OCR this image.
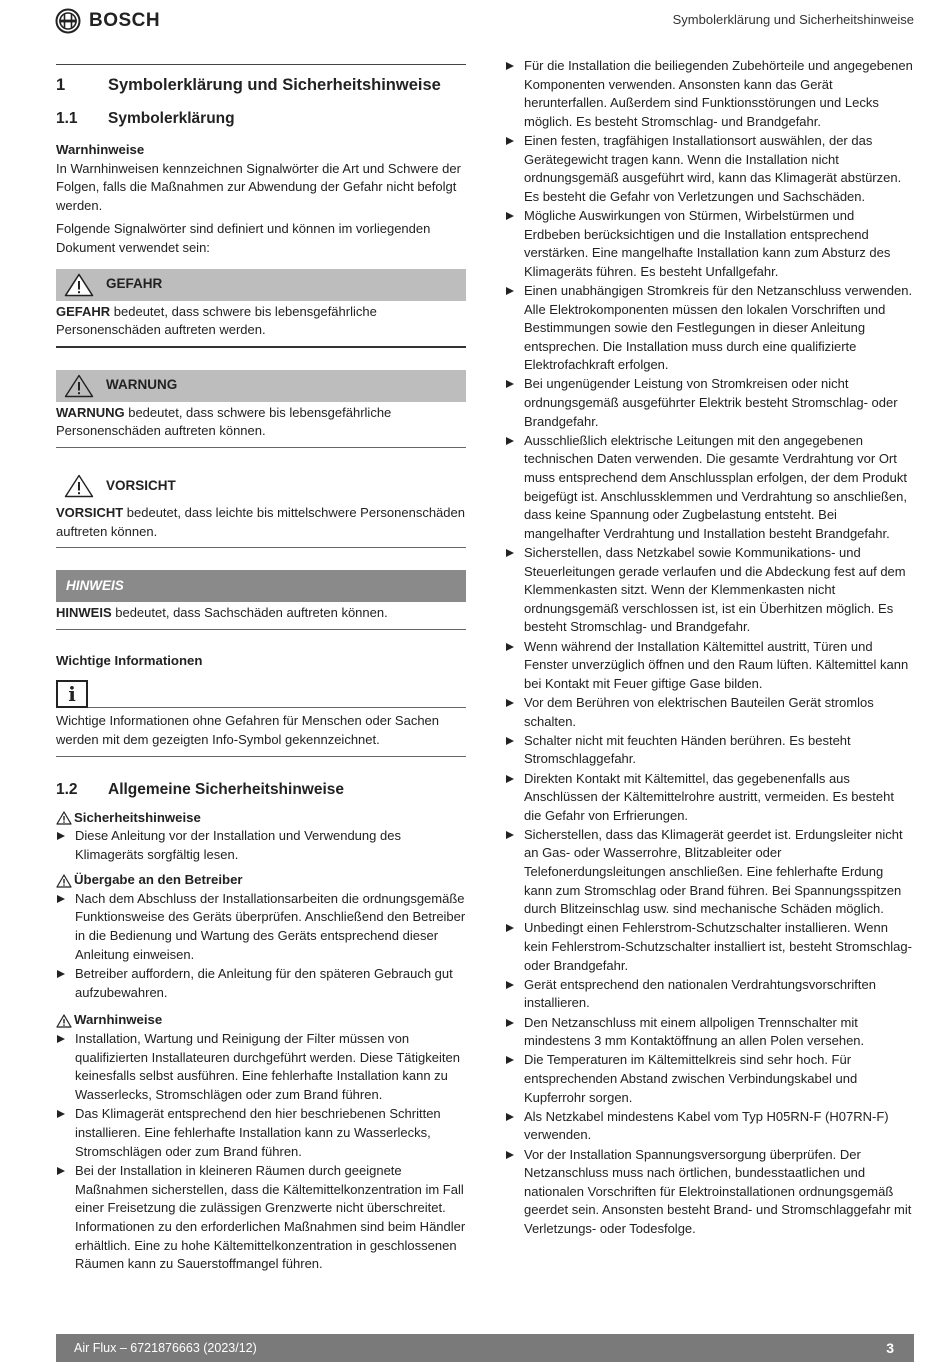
BOSCH	Symbolerklärung und Sicherheitshinweise
1	Symbolerklärung und Sicherheitshinweise
1.1 Symbolerklärung
Warnhinweise

In Warnhinweisen kennzeichnen Signalwörter die Art und Schwere der Folgen, falls die Maßnahmen zur Abwendung der Gefahr nicht befolgt werden.

Folgende Signalwörter sind definiert und können im vorliegenden Dokument verwendet sein:

GEFAHR
GEFAHR bedeutet, dass schwere bis lebensgefährliche Personenschäden auftreten werden.
WARNUNG
WARNUNG bedeutet, dass schwere bis lebensgefährliche Personenschäden auftreten können.
VORSICHT
VORSICHT bedeutet, dass leichte bis mittelschwere Personenschäden auftreten können.
HINWEIS
HINWEIS bedeutet, dass Sachschäden auftreten können.
Wichtige Informationen
i
Wichtige Informationen ohne Gefahren für Menschen oder Sachen werden mit dem gezeigten Info-Symbol gekennzeichnet.
1.2 Allgemeine Sicherheitshinweise
Sicherheitshinweise
Diese Anleitung vor der Installation und Verwendung des Klimageräts sorgfältig lesen.
Übergabe an den Betreiber
Nach dem Abschluss der Installationsarbeiten die ordnungsgemäße Funktionsweise des Geräts überprüfen. Anschließend den Betreiber in die Bedienung und Wartung des Geräts entsprechend dieser Anleitung einweisen.
Betreiber auffordern, die Anleitung für den späteren Gebrauch gut aufzubewahren.
Warnhinweise
Installation, Wartung und Reinigung der Filter müssen von qualifizierten Installateuren durchgeführt werden. Diese Tätigkeiten keinesfalls selbst ausführen. Eine fehlerhafte Installation kann zu Wasserlecks, Stromschlägen oder zum Brand führen.
Das Klimagerät entsprechend den hier beschriebenen Schritten installieren. Eine fehlerhafte Installation kann zu Wasserlecks, Stromschlägen oder zum Brand führen.
Bei der Installation in kleineren Räumen durch geeignete Maßnahmen sicherstellen, dass die Kältemittelkonzentration im Fall einer Freisetzung die zulässigen Grenzwerte nicht überschreitet. Informationen zu den erforderlichen Maßnahmen sind beim Händler erhältlich. Eine zu hohe Kältemittelkonzentration in geschlossenen Räumen kann zu Sauerstoffmangel führen.
Für die Installation die beiliegenden Zubehörteile und angegebenen Komponenten verwenden. Ansonsten kann das Gerät herunterfallen. Außerdem sind Funktionsstörungen und Lecks möglich. Es besteht Stromschlag- und Brandgefahr.
Einen festen, tragfähigen Installationsort auswählen, der das Gerätegewicht tragen kann. Wenn die Installation nicht ordnungsgemäß ausgeführt wird, kann das Klimagerät abstürzen. Es besteht die Gefahr von Verletzungen und Sachschäden.
Mögliche Auswirkungen von Stürmen, Wirbelstürmen und Erdbeben berücksichtigen und die Installation entsprechend verstärken. Eine mangelhafte Installation kann zum Absturz des Klimageräts führen. Es besteht Unfallgefahr.
Einen unabhängigen Stromkreis für den Netzanschluss verwenden. Alle Elektrokomponenten müssen den lokalen Vorschriften und Bestimmungen sowie den Festlegungen in dieser Anleitung entsprechen. Die Installation muss durch eine qualifizierte Elektrofachkraft erfolgen.
Bei ungenügender Leistung von Stromkreisen oder nicht ordnungsgemäß ausgeführter Elektrik besteht Stromschlag- oder Brandgefahr.
Ausschließlich elektrische Leitungen mit den angegebenen technischen Daten verwenden. Die gesamte Verdrahtung vor Ort muss entsprechend dem Anschlussplan erfolgen, der dem Produkt beigefügt ist. Anschlussklemmen und Verdrahtung so anschließen, dass keine Spannung oder Zugbelastung entsteht. Bei mangelhafter Verdrahtung und Installation besteht Brandgefahr.
Sicherstellen, dass Netzkabel sowie Kommunikations- und Steuerleitungen gerade verlaufen und die Abdeckung fest auf dem Klemmenkasten sitzt. Wenn der Klemmenkasten nicht ordnungsgemäß verschlossen ist, ist ein Überhitzen möglich. Es besteht Stromschlag- und Brandgefahr.
Wenn während der Installation Kältemittel austritt, Türen und Fenster unverzüglich öffnen und den Raum lüften. Kältemittel kann bei Kontakt mit Feuer giftige Gase bilden.
Vor dem Berühren von elektrischen Bauteilen Gerät stromlos schalten.
Schalter nicht mit feuchten Händen berühren. Es besteht Stromschlaggefahr.
Direkten Kontakt mit Kältemittel, das gegebenenfalls aus Anschlüssen der Kältemittelrohre austritt, vermeiden. Es besteht die Gefahr von Erfrierungen.
Sicherstellen, dass das Klimagerät geerdet ist. Erdungsleiter nicht an Gas- oder Wasserrohre, Blitzableiter oder Telefonerdungsleitungen anschließen. Eine fehlerhafte Erdung kann zum Stromschlag oder Brand führen. Bei Spannungsspitzen durch Blitzeinschlag usw. sind mechanische Schäden möglich.
Unbedingt einen Fehlerstrom-Schutzschalter installieren. Wenn kein Fehlerstrom-Schutzschalter installiert ist, besteht Stromschlag- oder Brandgefahr.
Gerät entsprechend den nationalen Verdrahtungsvorschriften installieren.
Den Netzanschluss mit einem allpoligen Trennschalter mit mindestens 3 mm Kontaktöffnung an allen Polen versehen.
Die Temperaturen im Kältemittelkreis sind sehr hoch. Für entsprechenden Abstand zwischen Verbindungskabel und Kupferrohr sorgen.
Als Netzkabel mindestens Kabel vom Typ H05RN-F (H07RN-F) verwenden.
Vor der Installation Spannungsversorgung überprüfen. Der Netzanschluss muss nach örtlichen, bundesstaatlichen und nationalen Vorschriften für Elektroinstallationen ordnungsgemäß geerdet sein. Ansonsten besteht Brand- und Stromschlaggefahr mit Verletzungs- oder Todesfolge.
Air Flux – 6721876663 (2023/12)	3
